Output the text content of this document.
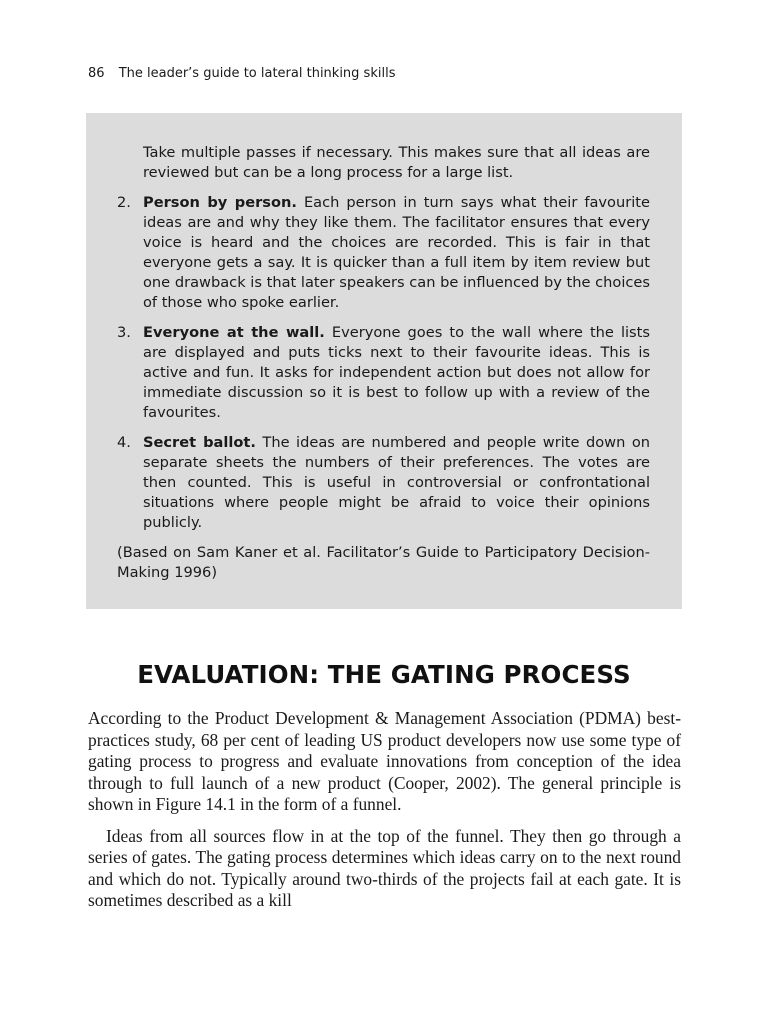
86 The leader’s guide to lateral thinking skills
Take multiple passes if necessary. This makes sure that all ideas are reviewed but can be a long process for a large list.
2. Person by person. Each person in turn says what their favourite ideas are and why they like them. The facilitator ensures that every voice is heard and the choices are recorded. This is fair in that everyone gets a say. It is quicker than a full item by item review but one drawback is that later speakers can be influenced by the choices of those who spoke earlier.
3. Everyone at the wall. Everyone goes to the wall where the lists are displayed and puts ticks next to their favourite ideas. This is active and fun. It asks for independent action but does not allow for immediate discussion so it is best to follow up with a review of the favourites.
4. Secret ballot. The ideas are numbered and people write down on separate sheets the numbers of their preferences. The votes are then counted. This is useful in controversial or confrontational situations where people might be afraid to voice their opinions publicly.
(Based on Sam Kaner et al. Facilitator’s Guide to Participatory Decision-Making 1996)
EVALUATION: THE GATING PROCESS

According to the Product Development & Management Association (PDMA) best-practices study, 68 per cent of leading US product developers now use some type of gating process to progress and evaluate innovations from conception of the idea through to full launch of a new product (Cooper, 2002). The general principle is shown in Figure 14.1 in the form of a funnel.

Ideas from all sources flow in at the top of the funnel. They then go through a series of gates. The gating process determines which ideas carry on to the next round and which do not. Typically around two-thirds of the projects fail at each gate. It is sometimes described as a kill
